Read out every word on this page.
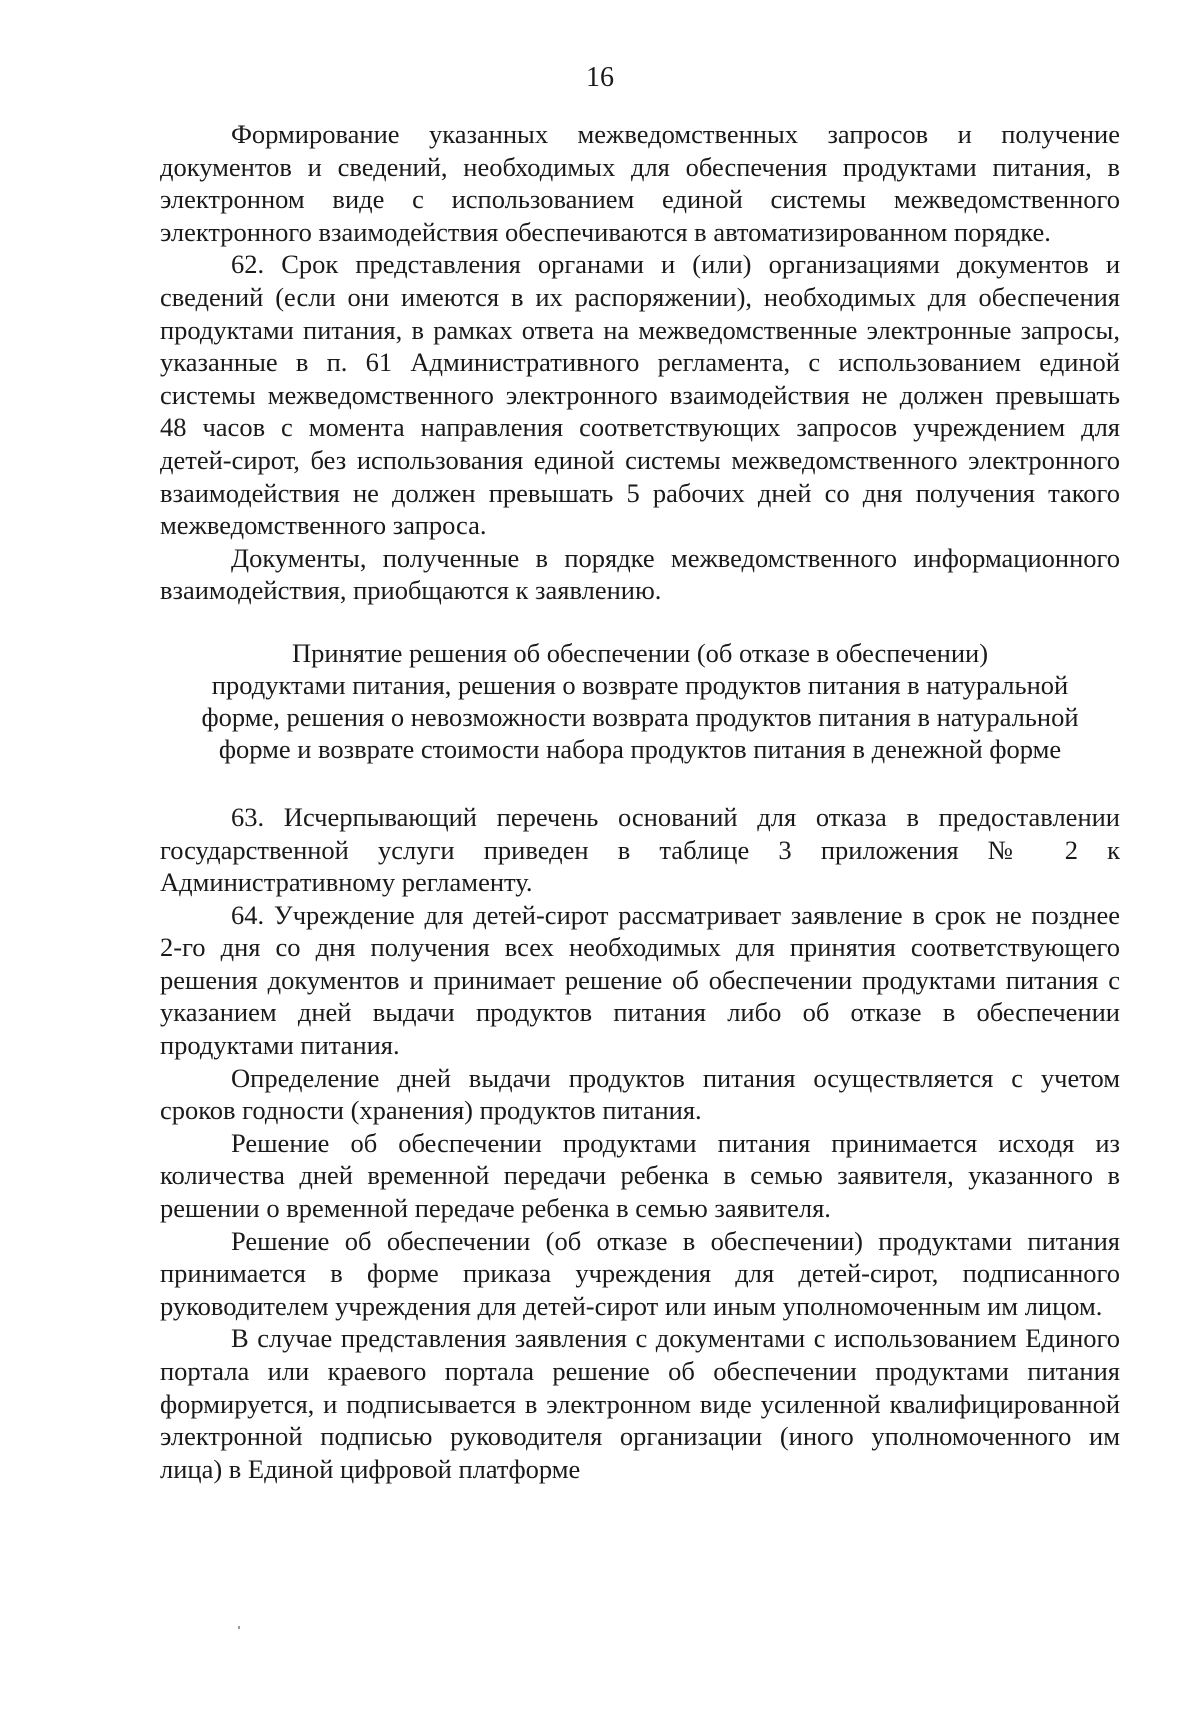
16

Формирование указанных межведомственных запросов и получение документов и сведений, необходимых для обеспечения продуктами питания, в электронном виде с использованием единой системы межведомственного электронного взаимодействия обеспечиваются в автоматизированном порядке.

62. Срок представления органами и (или) организациями документов и сведений (если они имеются в их распоряжении), необходимых для обеспечения продуктами питания, в рамках ответа на межведомственные электронные запросы, указанные в п. 61 Административного регламента, с использованием единой системы межведомственного электронного взаимодействия не должен превышать 48 часов с момента направления соответствующих запросов учреждением для детей-сирот, без использования единой системы межведомственного электронного взаимодействия не должен превышать 5 рабочих дней со дня получения такого межведомственного запроса.

Документы, полученные в порядке межведомственного информационного взаимодействия, приобщаются к заявлению.

Принятие решения об обеспечении (об отказе в обеспечении)
продуктами питания, решения о возврате продуктов питания в натуральной
форме, решения о невозможности возврата продуктов питания в натуральной
форме и возврате стоимости набора продуктов питания в денежной форме

63. Исчерпывающий перечень оснований для отказа в предоставлении государственной услуги приведен в таблице 3 приложения № 2 к Административному регламенту.

64. Учреждение для детей-сирот рассматривает заявление в срок не позднее 2-го дня со дня получения всех необходимых для принятия соответствующего решения документов и принимает решение об обеспечении продуктами питания с указанием дней выдачи продуктов питания либо об отказе в обеспечении продуктами питания.

Определение дней выдачи продуктов питания осуществляется с учетом сроков годности (хранения) продуктов питания.

Решение об обеспечении продуктами питания принимается исходя из количества дней временной передачи ребенка в семью заявителя, указанного в решении о временной передаче ребенка в семью заявителя.

Решение об обеспечении (об отказе в обеспечении) продуктами питания принимается в форме приказа учреждения для детей-сирот, подписанного руководителем учреждения для детей-сирот или иным уполномоченным им лицом.

В случае представления заявления с документами с использованием Единого портала или краевого портала решение об обеспечении продуктами питания формируется, и подписывается в электронном виде усиленной квалифицированной электронной подписью руководителя организации (иного уполномоченного им лица) в Единой цифровой платформе
